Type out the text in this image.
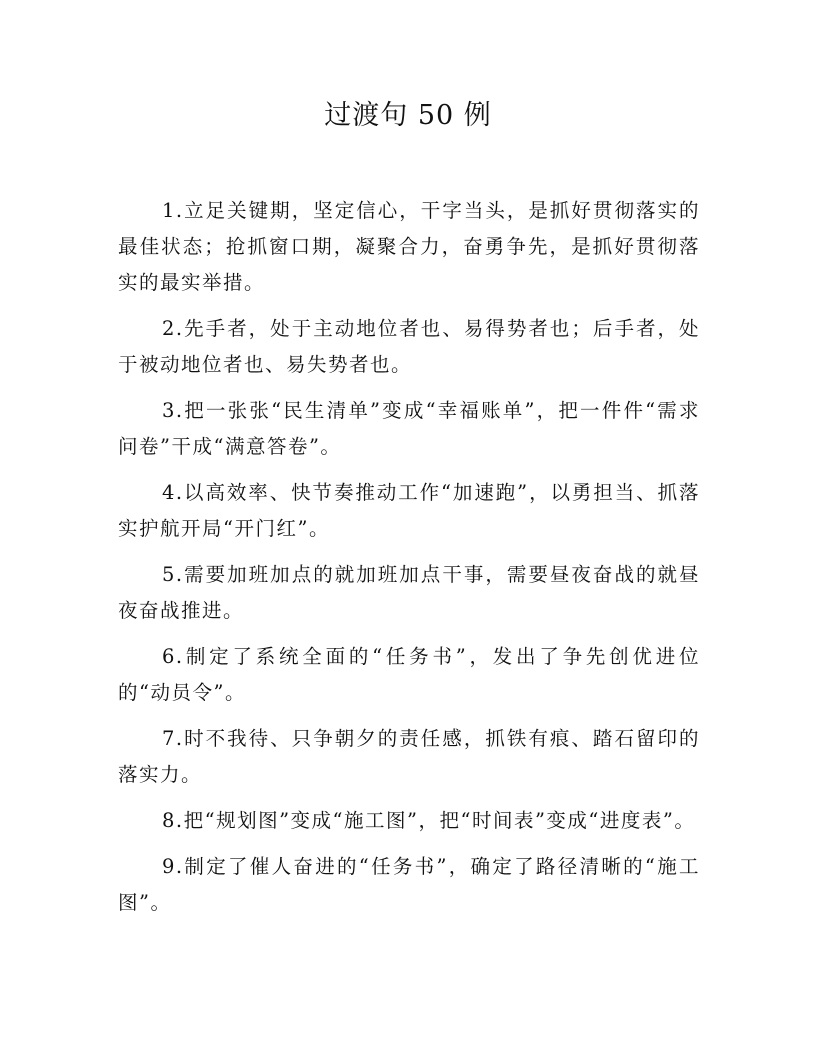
过渡句 50 例

1.立足关键期，坚定信心，干字当头，是抓好贯彻落实的最佳状态；抢抓窗口期，凝聚合力，奋勇争先，是抓好贯彻落实的最实举措。

2.先手者，处于主动地位者也、易得势者也；后手者，处于被动地位者也、易失势者也。

3.把一张张“民生清单”变成“幸福账单”，把一件件“需求问卷”干成“满意答卷”。

4.以高效率、快节奏推动工作“加速跑”，以勇担当、抓落实护航开局“开门红”。

5.需要加班加点的就加班加点干事，需要昼夜奋战的就昼夜奋战推进。

6.制定了系统全面的“任务书”，发出了争先创优进位的“动员令”。

7.时不我待、只争朝夕的责任感，抓铁有痕、踏石留印的落实力。

8.把“规划图”变成“施工图”，把“时间表”变成“进度表”。

9.制定了催人奋进的“任务书”，确定了路径清晰的“施工图”。
